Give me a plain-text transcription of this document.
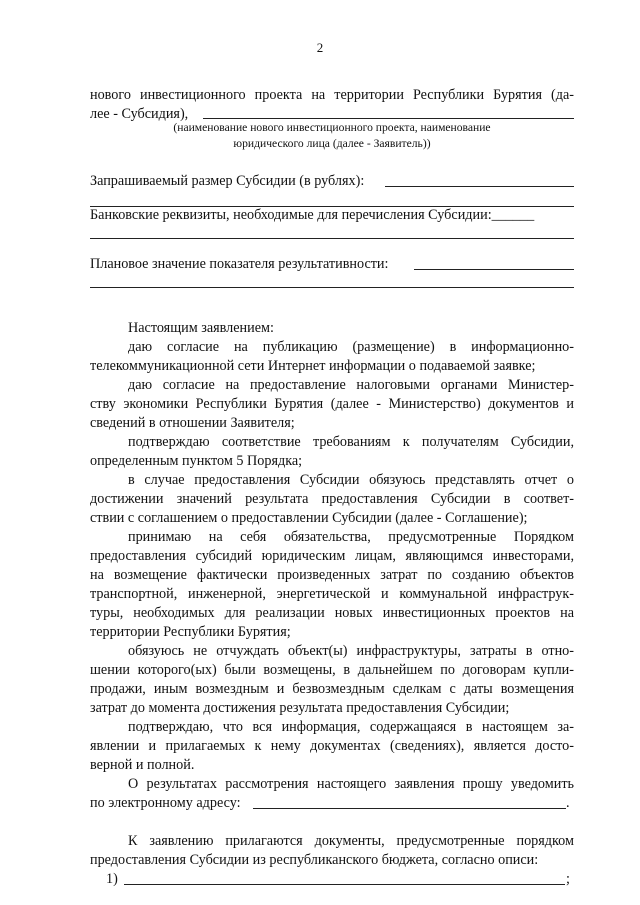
2

нового инвестиционного проекта на территории Республики Бурятия (да-

лее - Субсидия),

(наименование нового инвестиционного проекта, наименование

юридического лица (далее - Заявитель))

Запрашиваемый размер Субсидии (в рублях):

Банковские реквизиты, необходимые для перечисления Субсидии:______

Плановое значение показателя результативности:

Настоящим заявлением:

даю согласие на публикацию (размещение) в информационно-

телекоммуникационной сети Интернет информации о подаваемой заявке;

даю согласие на предоставление налоговыми органами Министер-

ству экономики Республики Бурятия (далее - Министерство) документов и

сведений в отношении Заявителя;

подтверждаю соответствие требованиям к получателям Субсидии,

определенным пунктом 5 Порядка;

в случае предоставления Субсидии обязуюсь представлять отчет о

достижении значений результата предоставления Субсидии в соответ-

ствии с соглашением о предоставлении Субсидии (далее - Соглашение);

принимаю на себя обязательства, предусмотренные Порядком

предоставления субсидий юридическим лицам, являющимся инвесторами,

на возмещение фактически произведенных затрат по созданию объектов

транспортной, инженерной, энергетической и коммунальной инфраструк-

туры, необходимых для реализации новых инвестиционных проектов на

территории Республики Бурятия;

обязуюсь не отчуждать объект(ы) инфраструктуры, затраты в отно-

шении которого(ых) были возмещены, в дальнейшем по договорам купли-

продажи, иным возмездным и безвозмездным сделкам с даты возмещения

затрат до момента достижения результата предоставления Субсидии;

подтверждаю, что вся информация, содержащаяся в настоящем за-

явлении и прилагаемых к нему документах (сведениях), является досто-

верной и полной.

О результатах рассмотрения настоящего заявления прошу уведомить

по электронному адресу:	.

К заявлению прилагаются документы, предусмотренные порядком

предоставления Субсидии из республиканского бюджета, согласно описи:

1)	;
